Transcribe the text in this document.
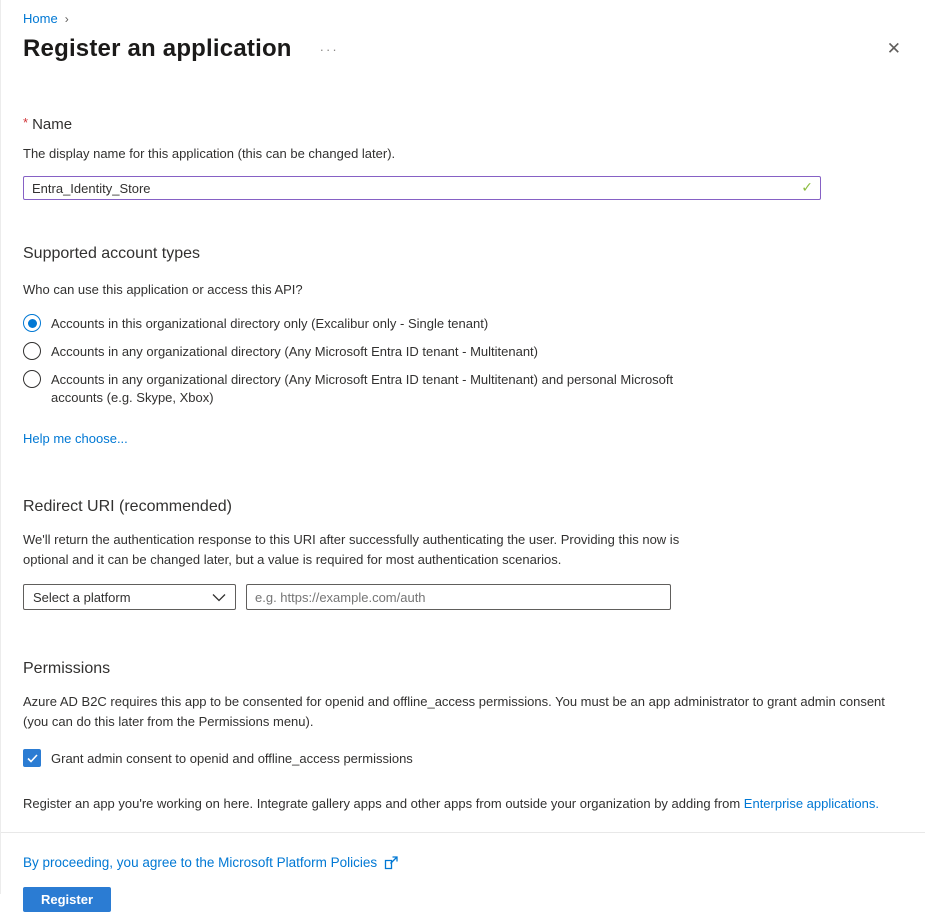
Home ›
Register an application ···	✕
* Name
The display name for this application (this can be changed later).
Entra_Identity_Store
✓
Supported account types
Who can use this application or access this API?
Accounts in this organizational directory only (Excalibur only - Single tenant)
Accounts in any organizational directory (Any Microsoft Entra ID tenant - Multitenant)
Accounts in any organizational directory (Any Microsoft Entra ID tenant - Multitenant) and personal Microsoft accounts (e.g. Skype, Xbox)
Help me choose...
Redirect URI (recommended)
We'll return the authentication response to this URI after successfully authenticating the user. Providing this now is optional and it can be changed later, but a value is required for most authentication scenarios.
Select a platform
e.g. https://example.com/auth
Permissions
Azure AD B2C requires this app to be consented for openid and offline_access permissions. You must be an app administrator to grant admin consent (you can do this later from the Permissions menu).
Grant admin consent to openid and offline_access permissions
Register an app you're working on here. Integrate gallery apps and other apps from outside your organization by adding from Enterprise applications.
By proceeding, you agree to the Microsoft Platform Policies
Register
